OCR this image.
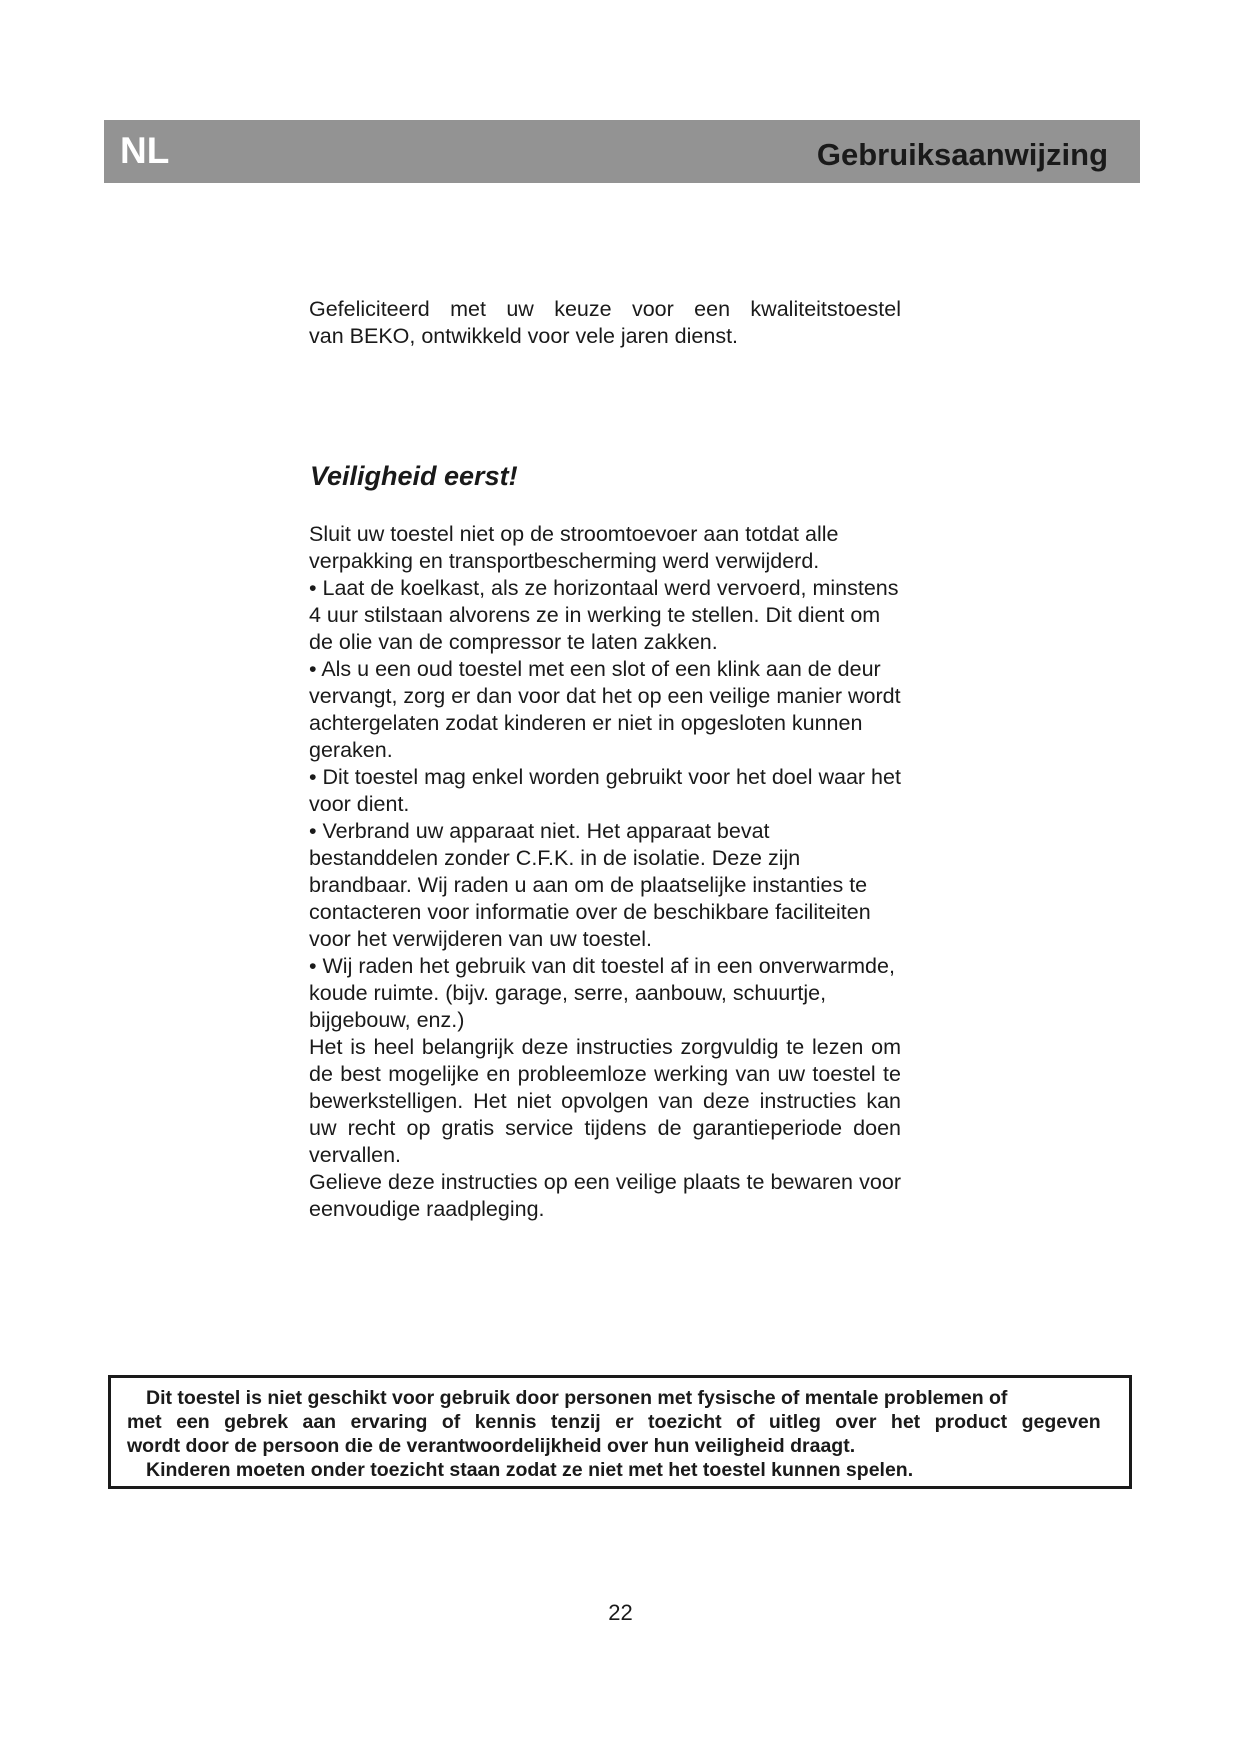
NL	Gebruiksaanwijzing
Gefeliciteerd met uw keuze voor een kwaliteitstoestel
van BEKO, ontwikkeld voor vele jaren dienst.
Veiligheid eerst!

Sluit uw toestel niet op de stroomtoevoer aan totdat alle verpakking en transportbescherming werd verwijderd.

• Laat de koelkast, als ze horizontaal werd vervoerd, minstens 4 uur stilstaan alvorens ze in werking te stellen. Dit dient om de olie van de compressor te laten zakken.

• Als u een oud toestel met een slot of een klink aan de deur vervangt, zorg er dan voor dat het op een veilige manier wordt achtergelaten zodat kinderen er niet in opgesloten kunnen geraken.

• Dit toestel mag enkel worden gebruikt voor het doel waar het voor dient.

• Verbrand uw apparaat niet. Het apparaat bevat bestanddelen zonder C.F.K. in de isolatie. Deze zijn brandbaar. Wij raden u aan om de plaatselijke instanties te contacteren voor informatie over de beschikbare faciliteiten voor het verwijderen van uw toestel.

• Wij raden het gebruik van dit toestel af in een onverwarmde, koude ruimte. (bijv. garage, serre, aanbouw, schuurtje, bijgebouw, enz.)

Het is heel belangrijk deze instructies zorgvuldig te lezen om de best mogelijke en probleemloze werking van uw toestel te bewerkstelligen. Het niet opvolgen van deze instructies kan uw recht op gratis service tijdens de garantieperiode doen vervallen.

Gelieve deze instructies op een veilige plaats te bewaren voor eenvoudige raadpleging.

Dit toestel is niet geschikt voor gebruik door personen met fysische of mentale problemen of
met een gebrek aan ervaring of kennis tenzij er toezicht of uitleg over het product gegeven
wordt door de persoon die de verantwoordelijkheid over hun veiligheid draagt.
Kinderen moeten onder toezicht staan zodat ze niet met het toestel kunnen spelen.
22
